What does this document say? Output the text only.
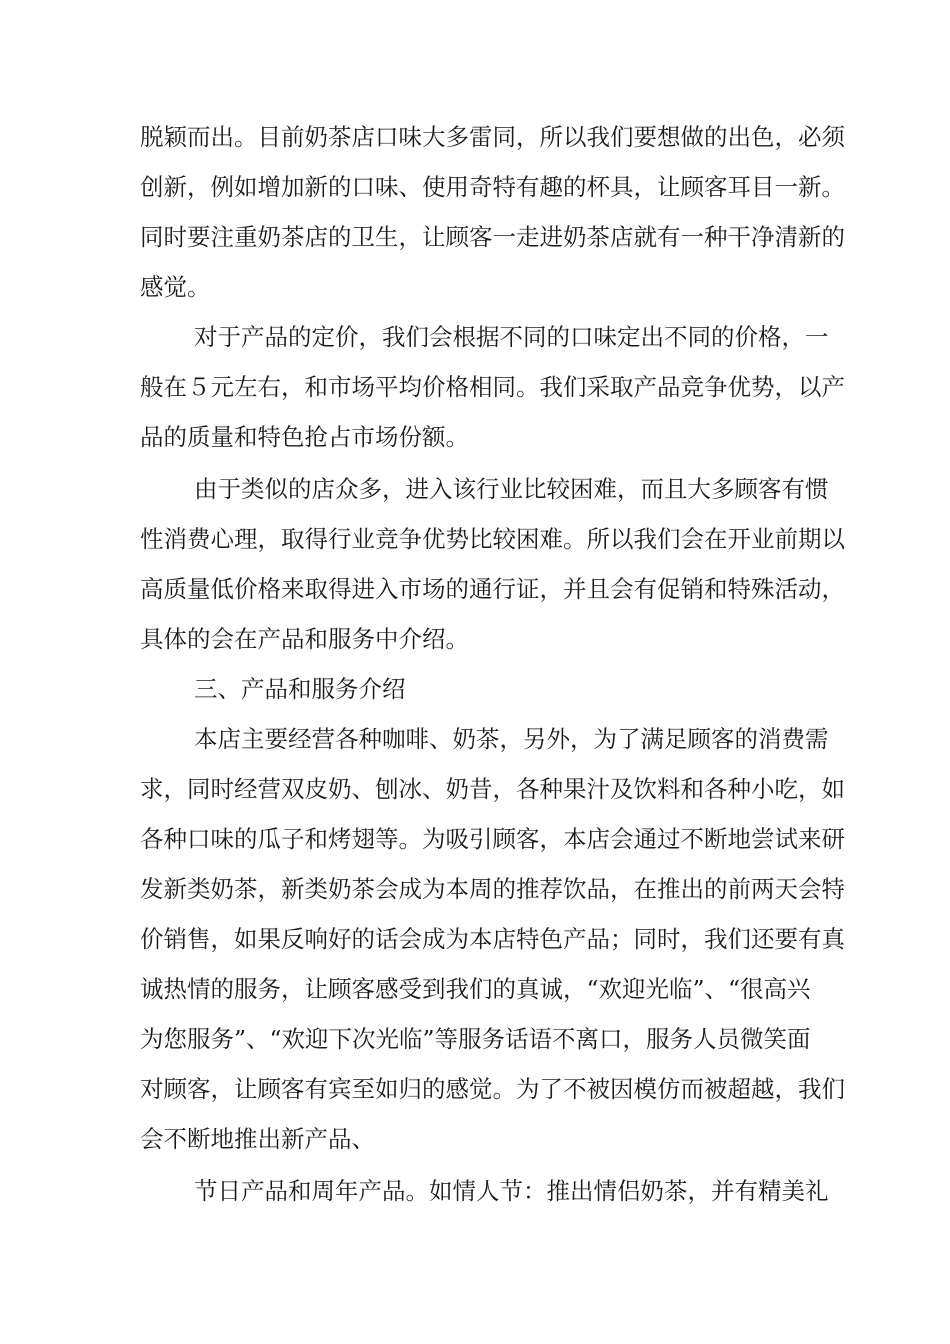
脱颖而出。目前奶茶店口味大多雷同，所以我们要想做的出色，必须
创新，例如增加新的口味、使用奇特有趣的杯具，让顾客耳目一新。
同时要注重奶茶店的卫生，让顾客一走进奶茶店就有一种干净清新的
感觉。
对于产品的定价，我们会根据不同的口味定出不同的价格，一
般在５元左右，和市场平均价格相同。我们采取产品竞争优势，以产
品的质量和特色抢占市场份额。
由于类似的店众多，进入该行业比较困难，而且大多顾客有惯
性消费心理，取得行业竞争优势比较困难。所以我们会在开业前期以
高质量低价格来取得进入市场的通行证，并且会有促销和特殊活动，
具体的会在产品和服务中介绍。
三、产品和服务介绍
本店主要经营各种咖啡、奶茶，另外，为了满足顾客的消费需
求，同时经营双皮奶、刨冰、奶昔，各种果汁及饮料和各种小吃，如
各种口味的瓜子和烤翅等。为吸引顾客，本店会通过不断地尝试来研
发新类奶茶，新类奶茶会成为本周的推荐饮品，在推出的前两天会特
价销售，如果反响好的话会成为本店特色产品；同时，我们还要有真
诚热情的服务，让顾客感受到我们的真诚，“欢迎光临”、“很高兴
为您服务”、“欢迎下次光临”等服务话语不离口，服务人员微笑面
对顾客，让顾客有宾至如归的感觉。为了不被因模仿而被超越，我们
会不断地推出新产品、
节日产品和周年产品。如情人节：推出情侣奶茶，并有精美礼
